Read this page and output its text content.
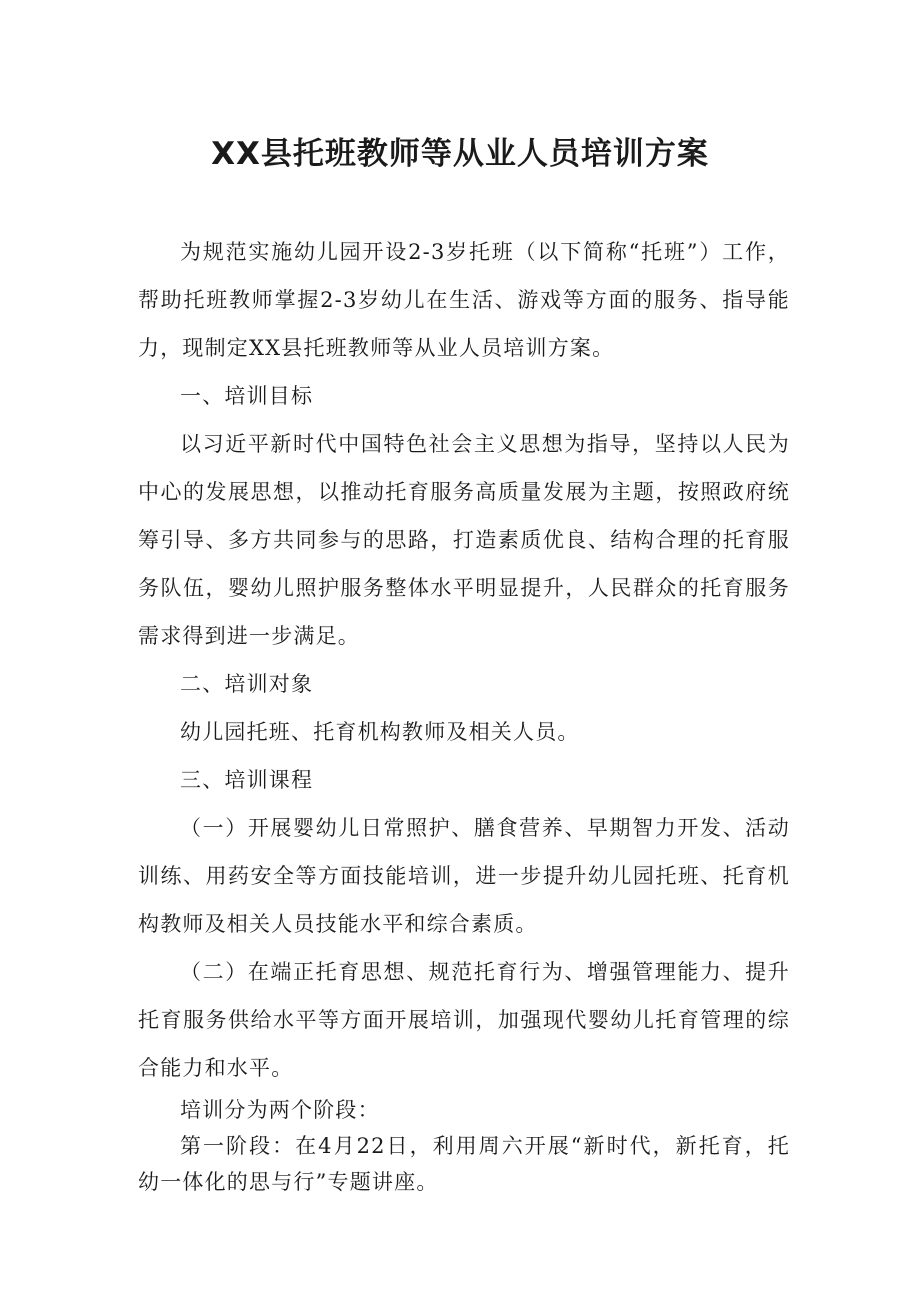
XX县托班教师等从业人员培训方案

为规范实施幼儿园开设2-3岁托班（以下简称“托班”）工作，帮助托班教师掌握2-3岁幼儿在生活、游戏等方面的服务、指导能力，现制定XX县托班教师等从业人员培训方案。

一、培训目标

以习近平新时代中国特色社会主义思想为指导，坚持以人民为中心的发展思想，以推动托育服务高质量发展为主题，按照政府统筹引导、多方共同参与的思路，打造素质优良、结构合理的托育服务队伍，婴幼儿照护服务整体水平明显提升，人民群众的托育服务需求得到进一步满足。

二、培训对象

幼儿园托班、托育机构教师及相关人员。

三、培训课程

（一）开展婴幼儿日常照护、膳食营养、早期智力开发、活动训练、用药安全等方面技能培训，进一步提升幼儿园托班、托育机构教师及相关人员技能水平和综合素质。

（二）在端正托育思想、规范托育行为、增强管理能力、提升托育服务供给水平等方面开展培训，加强现代婴幼儿托育管理的综合能力和水平。

培训分为两个阶段：

第一阶段：在4月22日，利用周六开展“新时代，新托育，托幼一体化的思与行”专题讲座。
